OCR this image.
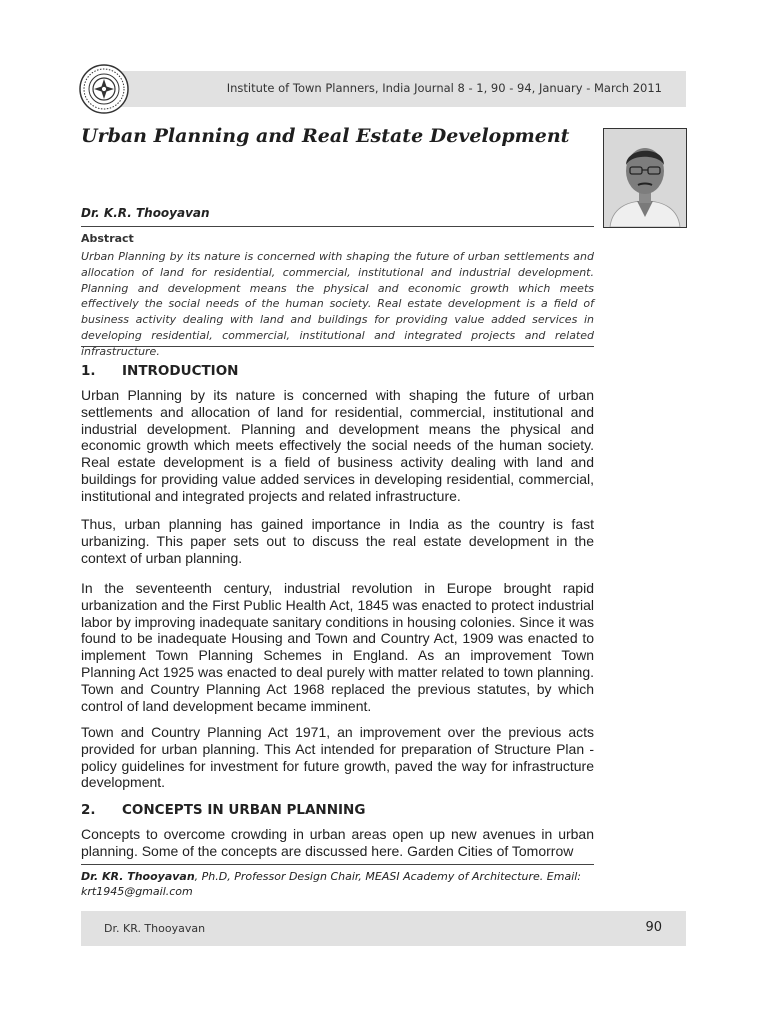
Institute of Town Planners, India Journal 8 - 1, 90 - 94, January - March 2011
Urban Planning and Real Estate Development

Dr. K.R. Thooyavan

Abstract

Urban Planning by its nature is concerned with shaping the future of urban settlements and allocation of land for residential, commercial, institutional and industrial development. Planning and development means the physical and economic growth which meets effectively the social needs of the human society. Real estate development is a field of business activity dealing with land and buildings for providing value added services in developing residential, commercial, institutional and integrated projects and related infrastructure.

1. INTRODUCTION

Urban Planning by its nature is concerned with shaping the future of urban settlements and allocation of land for residential, commercial, institutional and industrial development. Planning and development means the physical and economic growth which meets effectively the social needs of the human society. Real estate development is a field of business activity dealing with land and buildings for providing value added services in developing residential, commercial, institutional and integrated projects and related infrastructure.

Thus, urban planning has gained importance in India as the country is fast urbanizing. This paper sets out to discuss the real estate development in the context of urban planning.

In the seventeenth century, industrial revolution in Europe brought rapid urbanization and the First Public Health Act, 1845 was enacted to protect industrial labor by improving inadequate sanitary conditions in housing colonies. Since it was found to be inadequate Housing and Town and Country Act, 1909 was enacted to implement Town Planning Schemes in England. As an improvement Town Planning Act 1925 was enacted to deal purely with matter related to town planning. Town and Country Planning Act 1968 replaced the previous statutes, by which control of land development became imminent.

Town and Country Planning Act 1971, an improvement over the previous acts provided for urban planning. This Act intended for preparation of Structure Plan - policy guidelines for investment for future growth, paved the way for infrastructure development.

2. CONCEPTS IN URBAN PLANNING

Concepts to overcome crowding in urban areas open up new avenues in urban planning. Some of the concepts are discussed here. Garden Cities of Tomorrow

Dr. KR. Thooyavan, Ph.D, Professor Design Chair, MEASI Academy of Architecture. Email: krt1945@gmail.com

Dr. KR. Thooyavan	90
